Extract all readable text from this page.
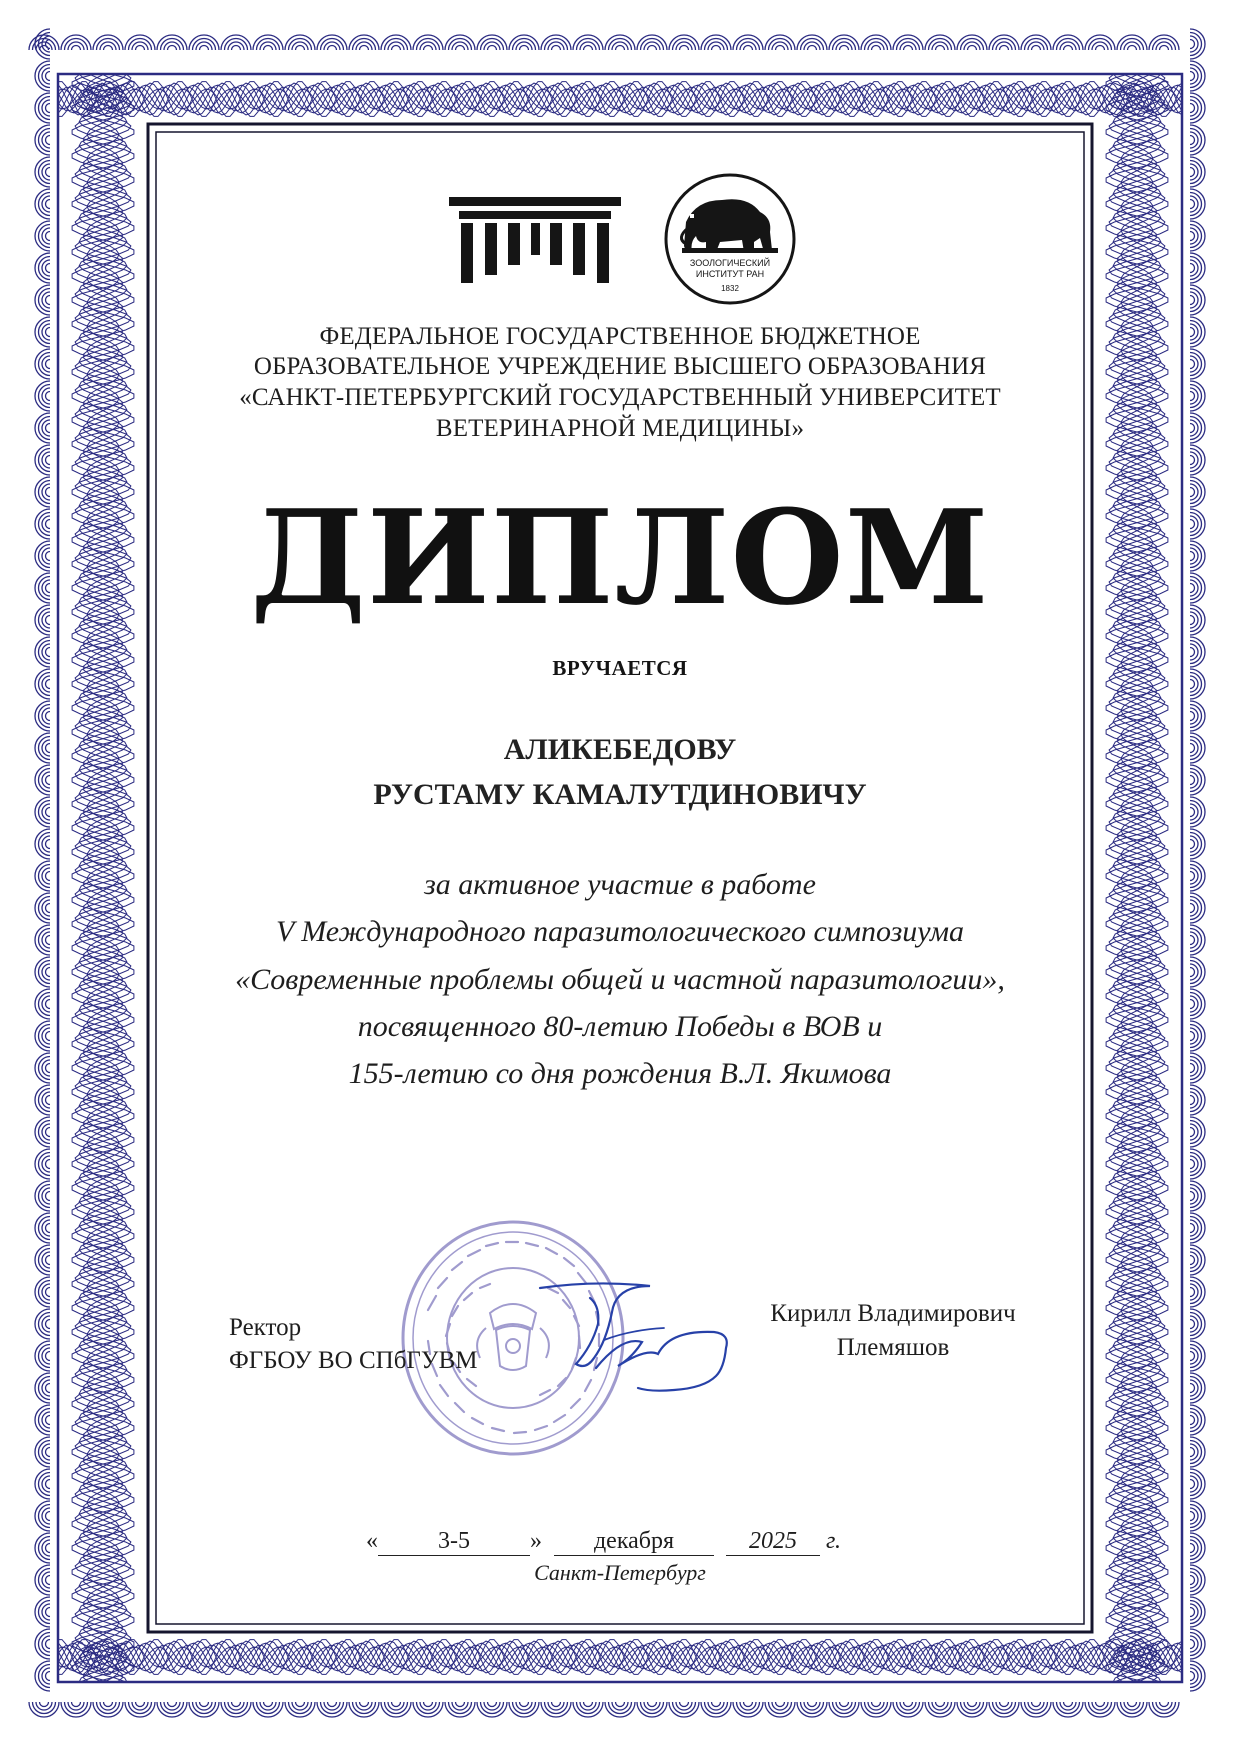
ЗООЛОГИЧЕСКИЙ
ИНСТИТУТ РАН
1832
ФЕДЕРАЛЬНОЕ ГОСУДАРСТВЕННОЕ БЮДЖЕТНОЕ
ОБРАЗОВАТЕЛЬНОЕ УЧРЕЖДЕНИЕ ВЫСШЕГО ОБРАЗОВАНИЯ
«САНКТ-ПЕТЕРБУРГСКИЙ ГОСУДАРСТВЕННЫЙ УНИВЕРСИТЕТ
ВЕТЕРИНАРНОЙ МЕДИЦИНЫ»
ДИПЛОМ
ВРУЧАЕТСЯ
АЛИКЕБЕДОВУ
РУСТАМУ КАМАЛУТДИНОВИЧУ
за активное участие в работе
V Международного паразитологического симпозиума
«Современные проблемы общей и частной паразитологии»,
посвященного 80-летию Победы в ВОВ и
155-летию со дня рождения В.Л. Якимова
Ректор
ФГБОУ ВО СПбГУВМ
Кирилл Владимирович
Племяшов
«	3-5	» декабря	2025 г.
Санкт-Петербург
